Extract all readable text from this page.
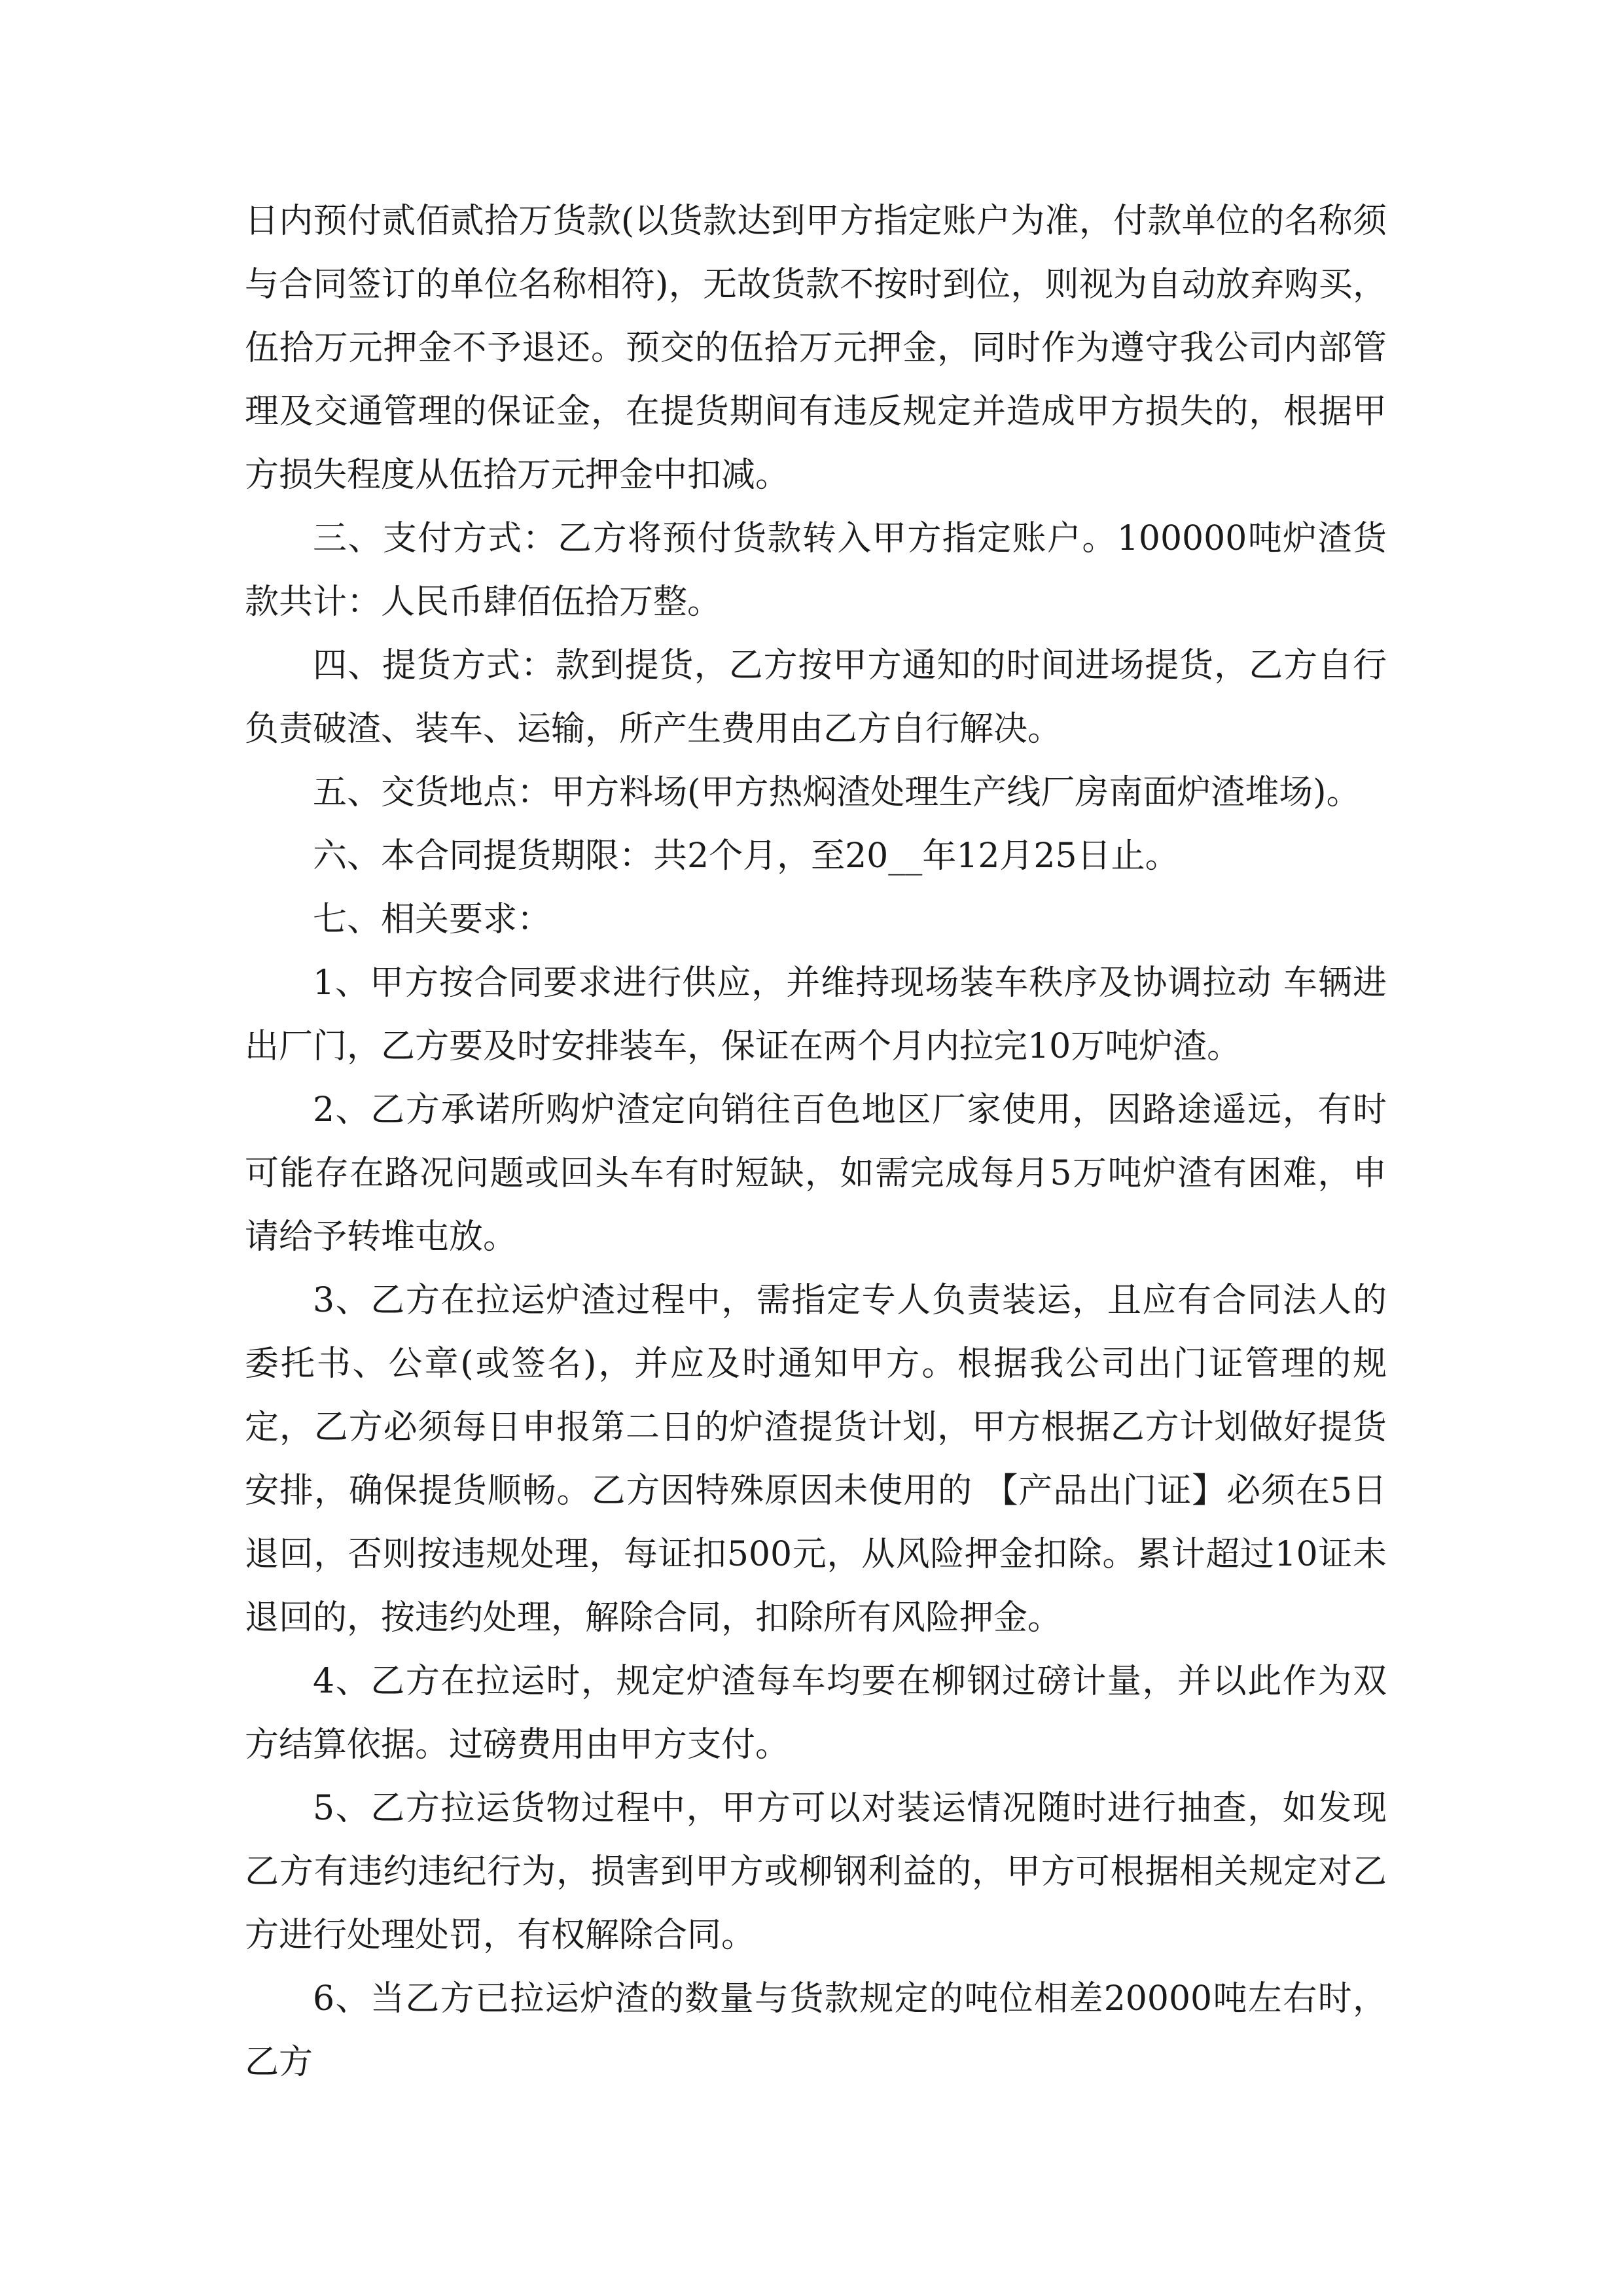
日内预付贰佰贰拾万货款(以货款达到甲方指定账户为准，付款单位的名称须与合同签订的单位名称相符)，无故货款不按时到位，则视为自动放弃购买，伍拾万元押金不予退还。预交的伍拾万元押金，同时作为遵守我公司内部管理及交通管理的保证金，在提货期间有违反规定并造成甲方损失的，根据甲方损失程度从伍拾万元押金中扣减。

三、支付方式：乙方将预付货款转入甲方指定账户。100000吨炉渣货款共计：人民币肆佰伍拾万整。

四、提货方式：款到提货，乙方按甲方通知的时间进场提货，乙方自行负责破渣、装车、运输，所产生费用由乙方自行解决。

五、交货地点：甲方料场(甲方热焖渣处理生产线厂房南面炉渣堆场)。

六、本合同提货期限：共2个月，至20__年12月25日止。

七、相关要求：

1、甲方按合同要求进行供应，并维持现场装车秩序及协调拉动 车辆进出厂门，乙方要及时安排装车，保证在两个月内拉完10万吨炉渣。

2、乙方承诺所购炉渣定向销往百色地区厂家使用，因路途遥远，有时可能存在路况问题或回头车有时短缺，如需完成每月5万吨炉渣有困难，申请给予转堆屯放。

3、乙方在拉运炉渣过程中，需指定专人负责装运，且应有合同法人的委托书、公章(或签名)，并应及时通知甲方。根据我公司出门证管理的规定，乙方必须每日申报第二日的炉渣提货计划，甲方根据乙方计划做好提货安排，确保提货顺畅。乙方因特殊原因未使用的 【产品出门证】必须在5日退回，否则按违规处理，每证扣500元，从风险押金扣除。累计超过10证未退回的，按违约处理，解除合同，扣除所有风险押金。

4、乙方在拉运时，规定炉渣每车均要在柳钢过磅计量，并以此作为双方结算依据。过磅费用由甲方支付。

5、乙方拉运货物过程中，甲方可以对装运情况随时进行抽查，如发现乙方有违约违纪行为，损害到甲方或柳钢利益的，甲方可根据相关规定对乙方进行处理处罚，有权解除合同。

6、当乙方已拉运炉渣的数量与货款规定的吨位相差20000吨左右时，乙方
